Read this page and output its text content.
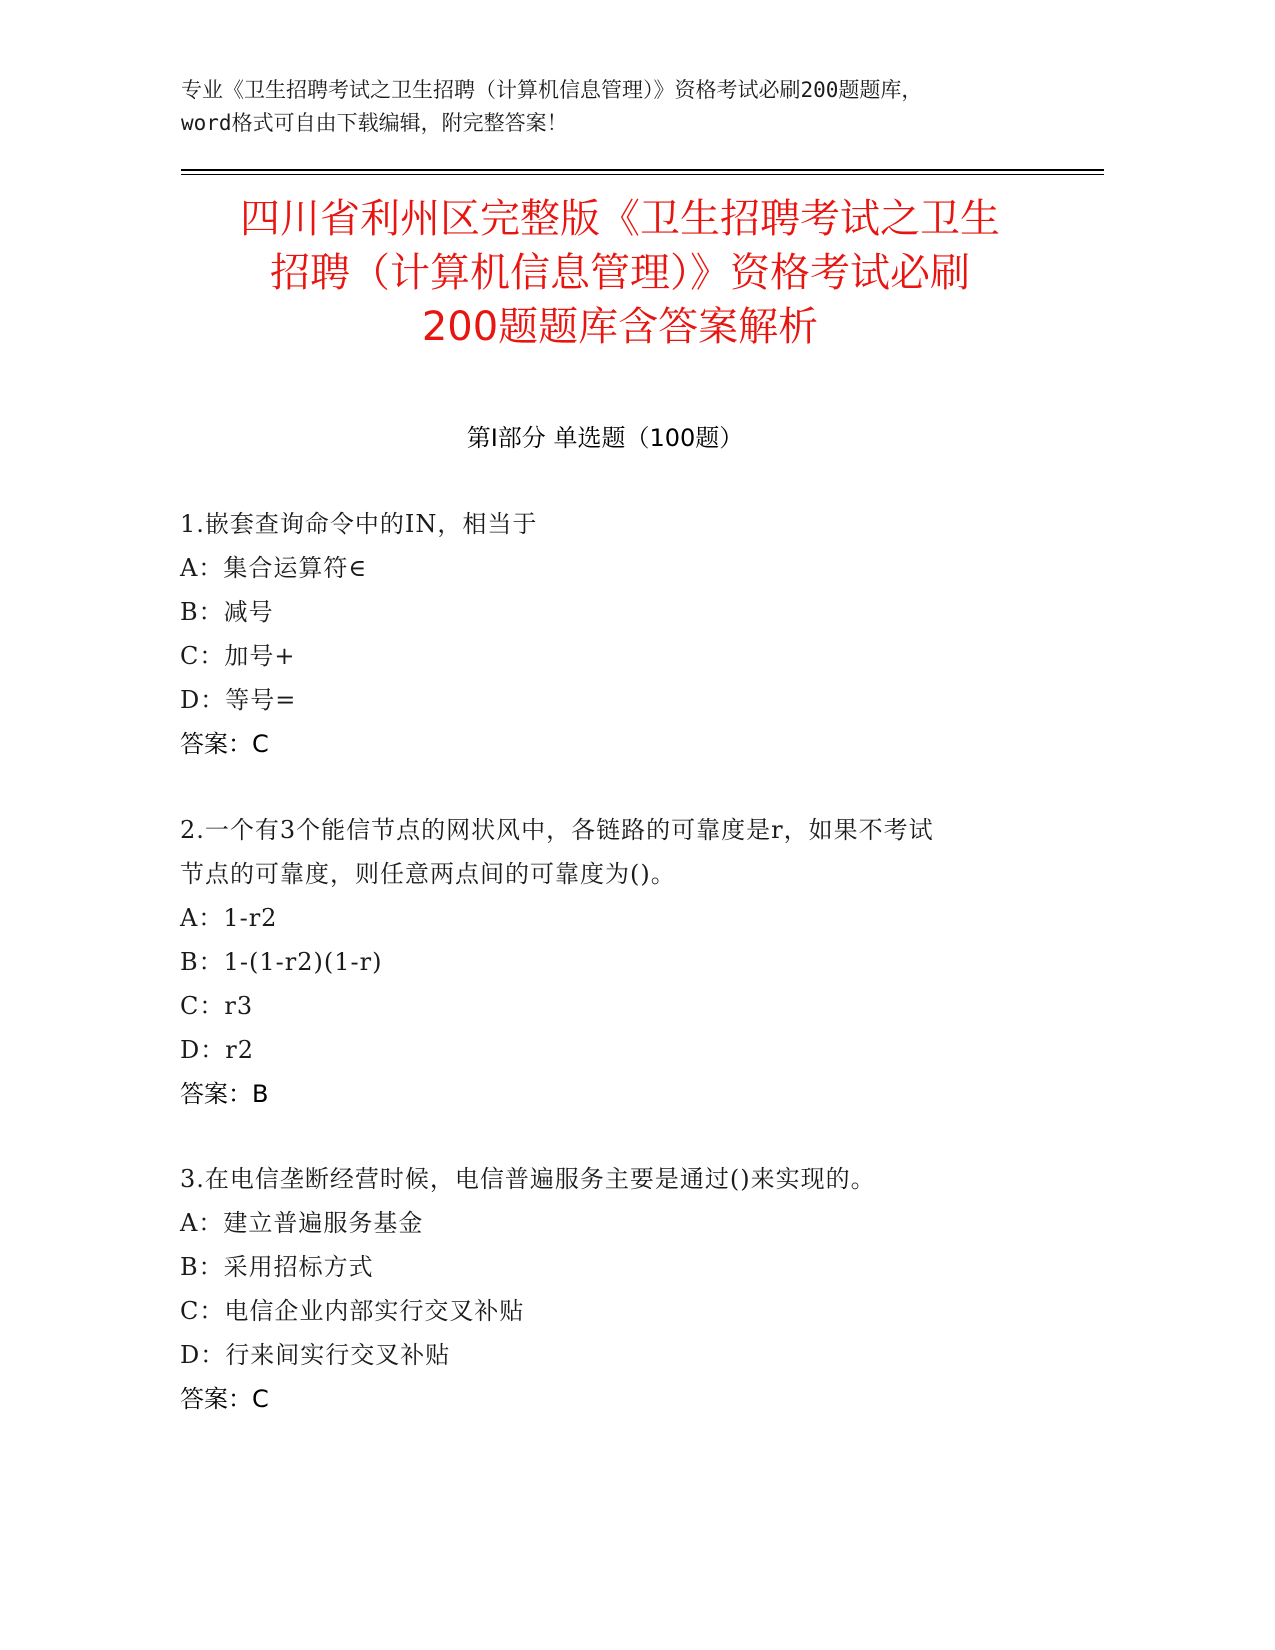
专业《卫生招聘考试之卫生招聘（计算机信息管理）》资格考试必刷200题题库，
word格式可自由下载编辑，附完整答案！
四川省利州区完整版《卫生招聘考试之卫生
招聘（计算机信息管理）》资格考试必刷
200题题库含答案解析
第Ⅰ部分 单选题（100题）
1.嵌套查询命令中的IN，相当于
A：集合运算符∈
B：减号
C：加号+
D：等号=
答案：C
2.一个有3个能信节点的网状风中，各链路的可靠度是r，如果不考试
节点的可靠度，则任意两点间的可靠度为()。
A：1-r2
B：1-(1-r2)(1-r)
C：r3
D：r2
答案：B
3.在电信垄断经营时候，电信普遍服务主要是通过()来实现的。
A：建立普遍服务基金
B：采用招标方式
C：电信企业内部实行交叉补贴
D：行来间实行交叉补贴
答案：C
